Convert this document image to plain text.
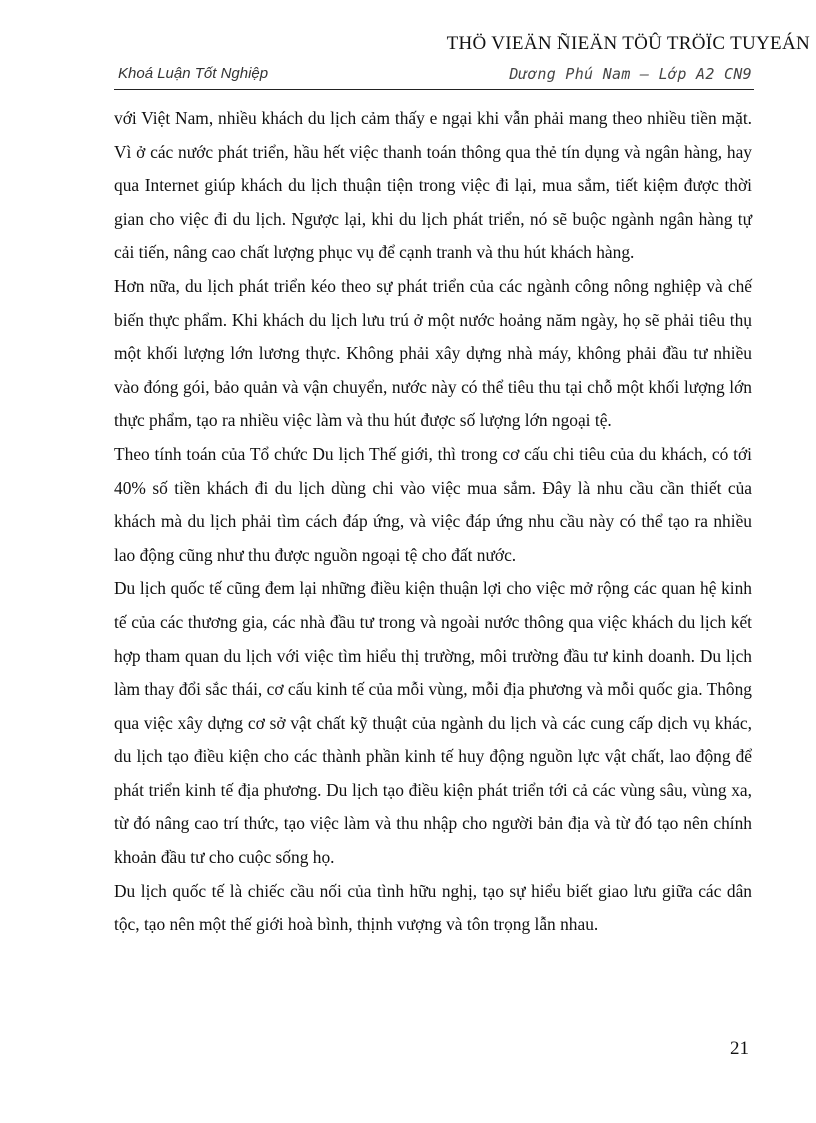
THÖ VIEÄN ÑIEÄN TÖÛ TRÖÏC TUYEÁN
Khoá Luận Tốt Nghiệp	Dương Phú Nam – Lớp A2 CN9

với Việt Nam, nhiều khách du lịch cảm thấy e ngại khi vẫn phải mang theo nhiều tiền mặt. Vì ở các nước phát triển, hầu hết việc thanh toán thông qua thẻ tín dụng và ngân hàng, hay qua Internet giúp khách du lịch thuận tiện trong việc đi lại, mua sắm, tiết kiệm được thời gian cho việc đi du lịch. Ngược lại, khi du lịch phát triển, nó sẽ buộc ngành ngân hàng tự cải tiến, nâng cao chất lượng phục vụ để cạnh tranh và thu hút khách hàng.

Hơn nữa, du lịch phát triển kéo theo sự phát triển của các ngành công nông nghiệp và chế biến thực phẩm. Khi khách du lịch lưu trú ở một nước hoảng năm ngày, họ sẽ phải tiêu thụ một khối lượng lớn lương thực. Không phải xây dựng nhà máy, không phải đầu tư nhiều vào đóng gói, bảo quản và vận chuyển, nước này có thể tiêu thu tại chỗ một khối lượng lớn thực phẩm, tạo ra nhiều việc làm và thu hút được số lượng lớn ngoại tệ.

Theo tính toán của Tổ chức Du lịch Thế giới, thì trong cơ cấu chi tiêu của du khách, có tới 40% số tiền khách đi du lịch dùng chi vào việc mua sắm. Đây là nhu cầu cần thiết của khách mà du lịch phải tìm cách đáp ứng, và việc đáp ứng nhu cầu này có thể tạo ra nhiều lao động cũng như thu được nguồn ngoại tệ cho đất nước.

Du lịch quốc tế cũng đem lại những điều kiện thuận lợi cho việc mở rộng các quan hệ kinh tế của các thương gia, các nhà đầu tư trong và ngoài nước thông qua việc khách du lịch kết hợp tham quan du lịch với việc tìm hiểu thị trường, môi trường đầu tư kinh doanh. Du lịch làm thay đổi sắc thái, cơ cấu kinh tế của mỗi vùng, mỗi địa phương và mỗi quốc gia. Thông qua việc xây dựng cơ sở vật chất kỹ thuật của ngành du lịch và các cung cấp dịch vụ khác, du lịch tạo điều kiện cho các thành phần kinh tế huy động nguồn lực vật chất, lao động để phát triển kinh tế địa phương. Du lịch tạo điều kiện phát triển tới cả các vùng sâu, vùng xa, từ đó nâng cao trí thức, tạo việc làm và thu nhập cho người bản địa và từ đó tạo nên chính khoản đầu tư cho cuộc sống họ.

Du lịch quốc tế là chiếc cầu nối của tình hữu nghị, tạo sự hiểu biết giao lưu giữa các dân tộc, tạo nên một thế giới hoà bình, thịnh vượng và tôn trọng lẫn nhau.

21
